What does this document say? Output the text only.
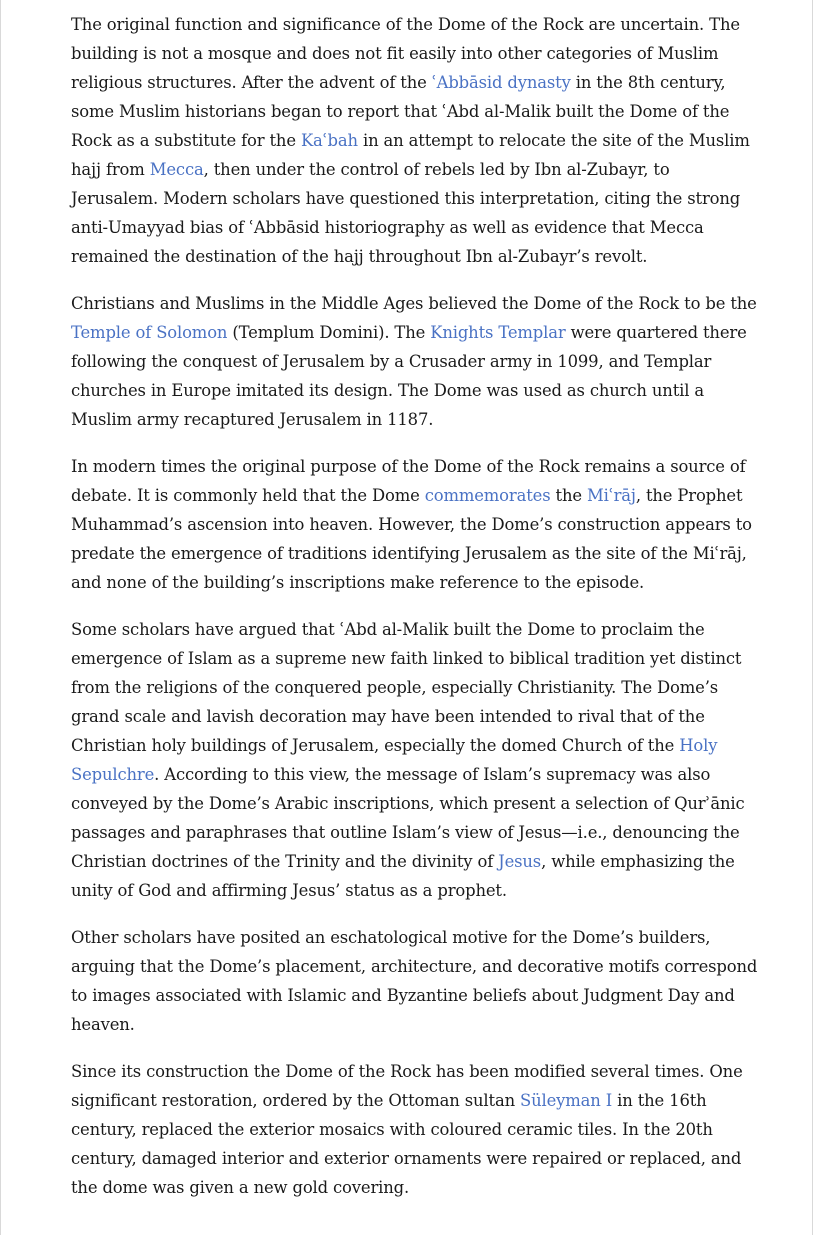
The original function and significance of the Dome of the Rock are uncertain. The building is not a mosque and does not fit easily into other categories of Muslim religious structures. After the advent of the ʿAbbāsid dynasty in the 8th century, some Muslim historians began to report that ʿAbd al-Malik built the Dome of the Rock as a substitute for the Kaʿbah in an attempt to relocate the site of the Muslim hajj from Mecca, then under the control of rebels led by Ibn al-Zubayr, to Jerusalem. Modern scholars have questioned this interpretation, citing the strong anti-Umayyad bias of ʿAbbāsid historiography as well as evidence that Mecca remained the destination of the hajj throughout Ibn al-Zubayr’s revolt.

Christians and Muslims in the Middle Ages believed the Dome of the Rock to be the Temple of Solomon (Templum Domini). The Knights Templar were quartered there following the conquest of Jerusalem by a Crusader army in 1099, and Templar churches in Europe imitated its design. The Dome was used as church until a Muslim army recaptured Jerusalem in 1187.

In modern times the original purpose of the Dome of the Rock remains a source of debate. It is commonly held that the Dome commemorates the Miʿrāj, the Prophet Muhammad’s ascension into heaven. However, the Dome’s construction appears to predate the emergence of traditions identifying Jerusalem as the site of the Miʿrāj, and none of the building’s inscriptions make reference to the episode.

Some scholars have argued that ʿAbd al-Malik built the Dome to proclaim the emergence of Islam as a supreme new faith linked to biblical tradition yet distinct from the religions of the conquered people, especially Christianity. The Dome’s grand scale and lavish decoration may have been intended to rival that of the Christian holy buildings of Jerusalem, especially the domed Church of the Holy Sepulchre. According to this view, the message of Islam’s supremacy was also conveyed by the Dome’s Arabic inscriptions, which present a selection of Qurʾānic passages and paraphrases that outline Islam’s view of Jesus—i.e., denouncing the Christian doctrines of the Trinity and the divinity of Jesus, while emphasizing the unity of God and affirming Jesus’ status as a prophet.

Other scholars have posited an eschatological motive for the Dome’s builders, arguing that the Dome’s placement, architecture, and decorative motifs correspond to images associated with Islamic and Byzantine beliefs about Judgment Day and heaven.

Since its construction the Dome of the Rock has been modified several times. One significant restoration, ordered by the Ottoman sultan Süleyman I in the 16th century, replaced the exterior mosaics with coloured ceramic tiles. In the 20th century, damaged interior and exterior ornaments were repaired or replaced, and the dome was given a new gold covering.
